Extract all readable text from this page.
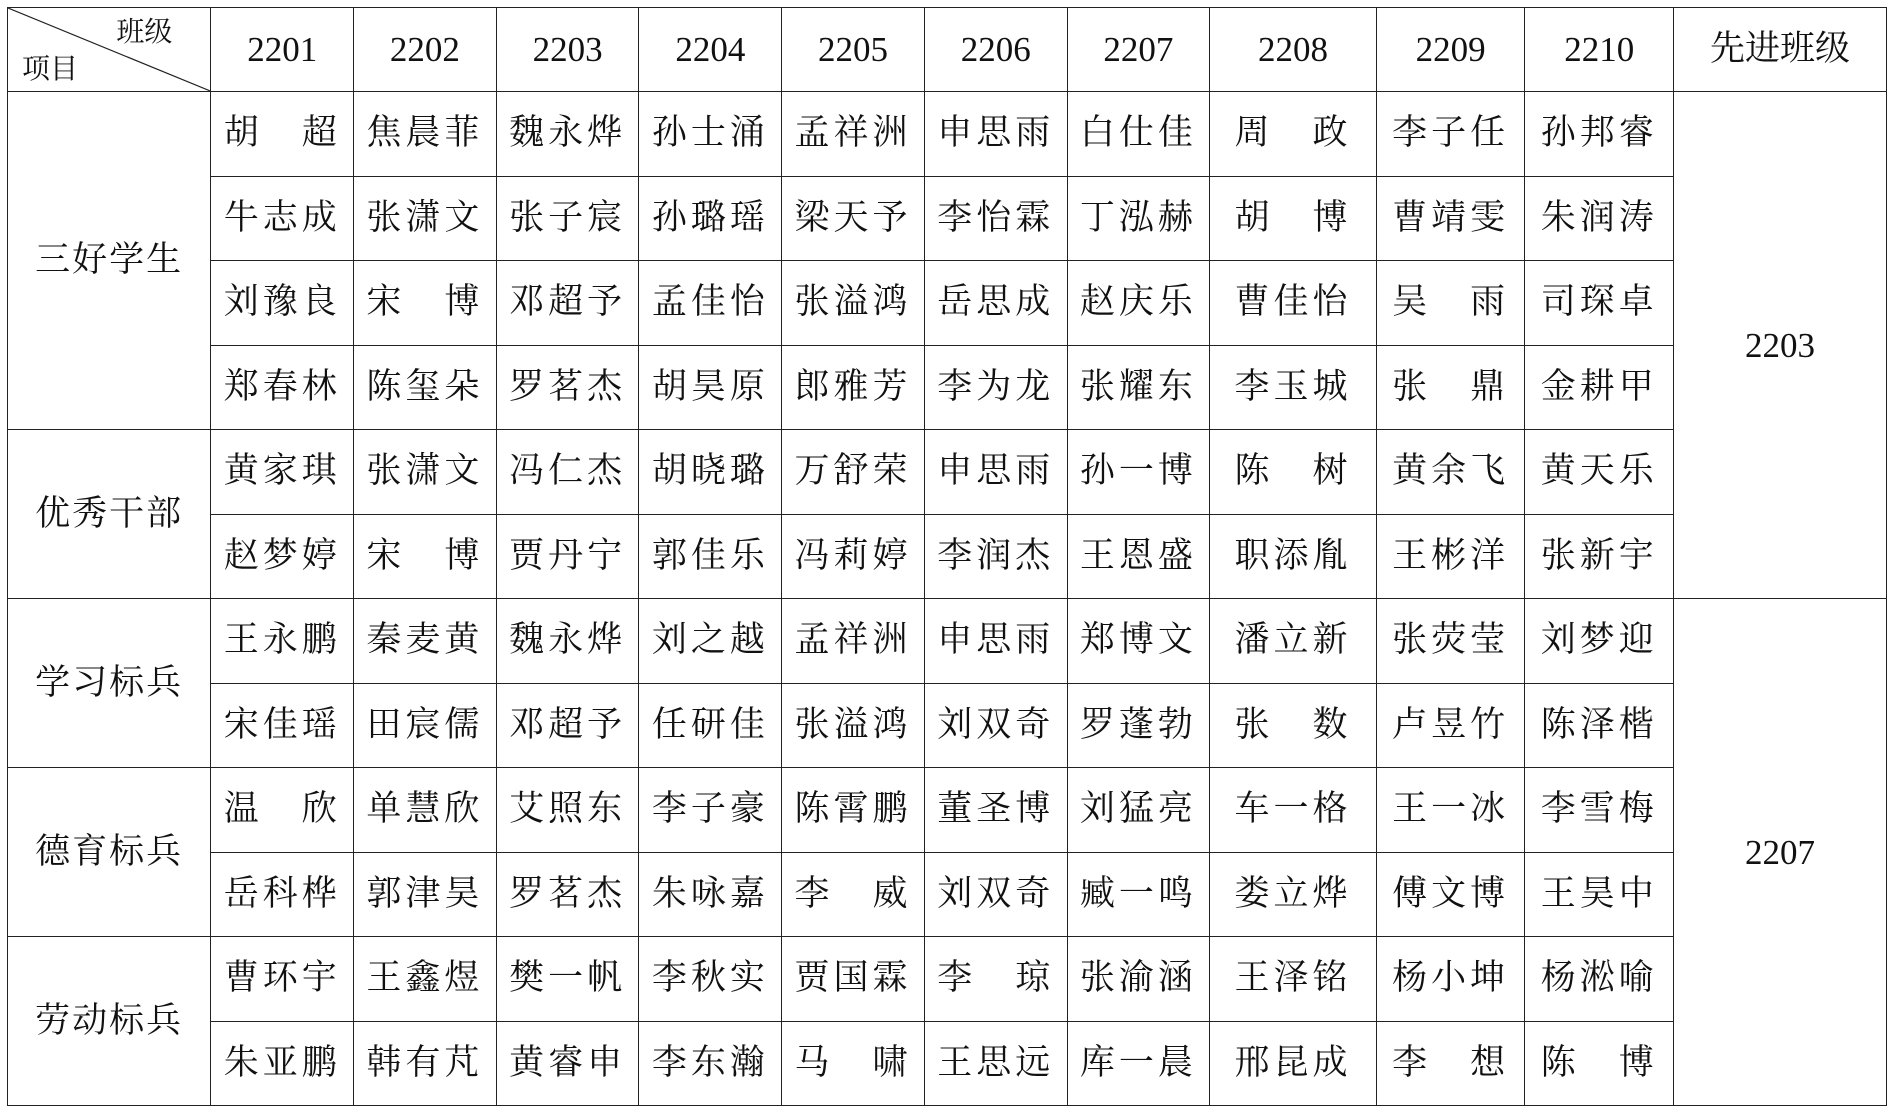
班级
项目	2201	2202	2203	2204	2205	2206	2207	2208	2209	2210	先进班级
三好学生	胡　超	焦晨菲	魏永烨	孙士涌	孟祥洲	申思雨	白仕佳	周　政	李子任	孙邦睿	2203
	牛志成	张潇文	张子宸	孙璐瑶	梁天予	李怡霖	丁泓赫	胡　博	曹靖雯	朱润涛	
	刘豫良	宋　博	邓超予	孟佳怡	张溢鸿	岳思成	赵庆乐	曹佳怡	吴　雨	司琛卓	
	郑春林	陈玺朵	罗茗杰	胡昊原	郎雅芳	李为龙	张耀东	李玉城	张　鼎	金耕甲	
优秀干部	黄家琪	张潇文	冯仁杰	胡晓璐	万舒荣	申思雨	孙一博	陈　树	黄余飞	黄天乐	
	赵梦婷	宋　博	贾丹宁	郭佳乐	冯莉婷	李润杰	王恩盛	职添胤	王彬洋	张新宇	
学习标兵	王永鹏	秦麦黄	魏永烨	刘之越	孟祥洲	申思雨	郑博文	潘立新	张荧莹	刘梦迎	2207
	宋佳瑶	田宸儒	邓超予	任研佳	张溢鸿	刘双奇	罗蓬勃	张　数	卢昱竹	陈泽楷	
德育标兵	温　欣	单慧欣	艾照东	李子豪	陈霄鹏	董圣博	刘猛亮	车一格	王一冰	李雪梅	
	岳科桦	郭津昊	罗茗杰	朱咏嘉	李　威	刘双奇	臧一鸣	娄立烨	傅文博	王昊中	
劳动标兵	曹环宇	王鑫煜	樊一帆	李秋实	贾国霖	李　琼	张渝涵	王泽铭	杨小坤	杨淞喻	
	朱亚鹏	韩有芃	黄睿申	李东瀚	马　啸	王思远	库一晨	邢昆成	李　想	陈　博	
